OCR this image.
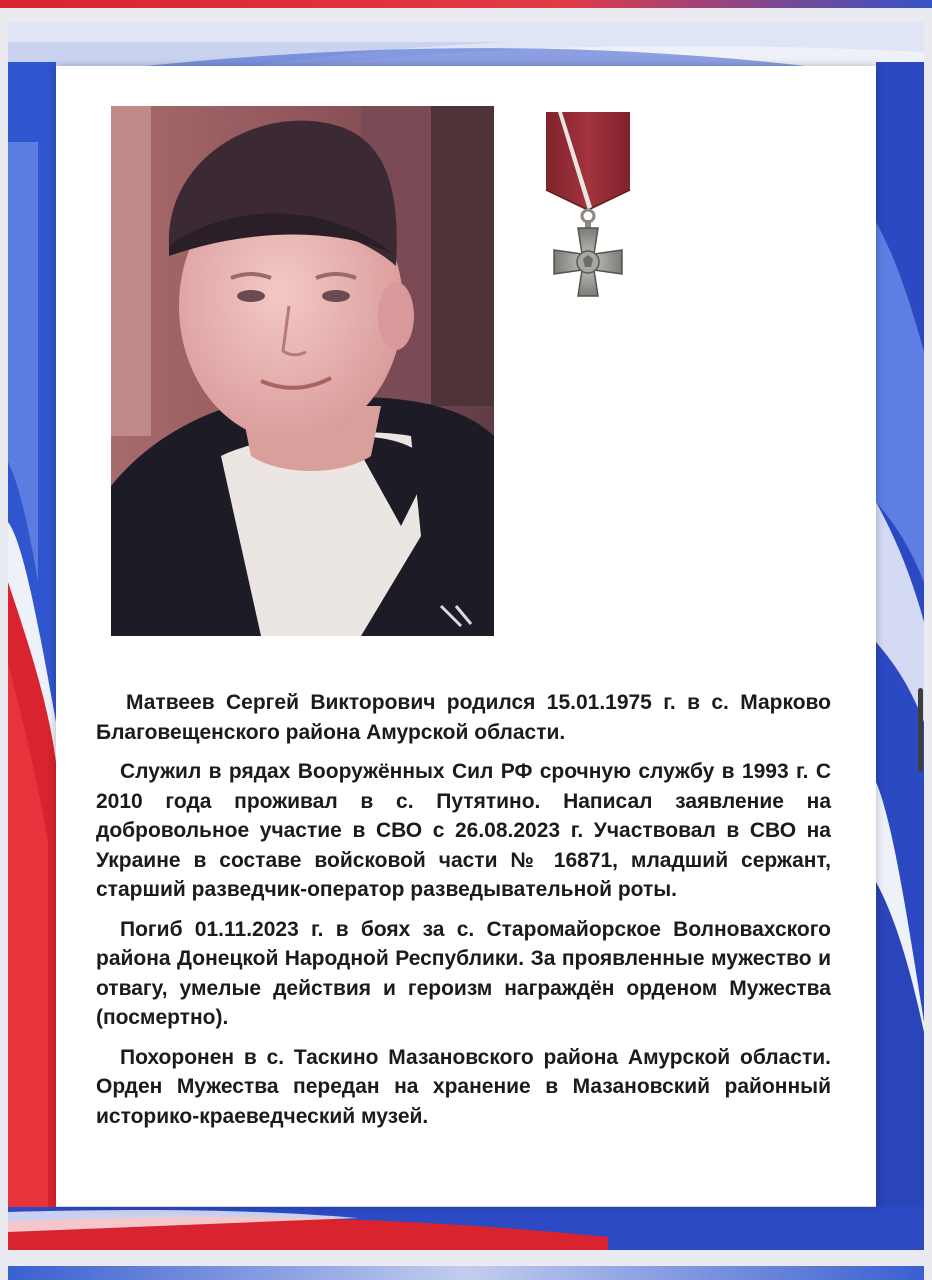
Матвеев Сергей Викторович родился 15.01.1975 г. в с. Марково Благовещенского района Амурской области.

Служил в рядах Вооружённых Сил РФ срочную службу в 1993 г. С 2010 года проживал в с. Путятино. Написал заявление на добровольное участие в СВО с 26.08.2023 г. Участвовал в СВО на Украине в составе войсковой части № 16871, младший сержант, старший разведчик-оператор разведывательной роты.

Погиб 01.11.2023 г. в боях за с. Старомайорское Волновахского района Донецкой Народной Республики. За проявленные мужество и отвагу, умелые действия и героизм награждён орденом Мужества (посмертно).

Похоронен в с. Таскино Мазановского района Амурской области. Орден Мужества передан на хранение в Мазановский районный историко-краеведческий музей.
